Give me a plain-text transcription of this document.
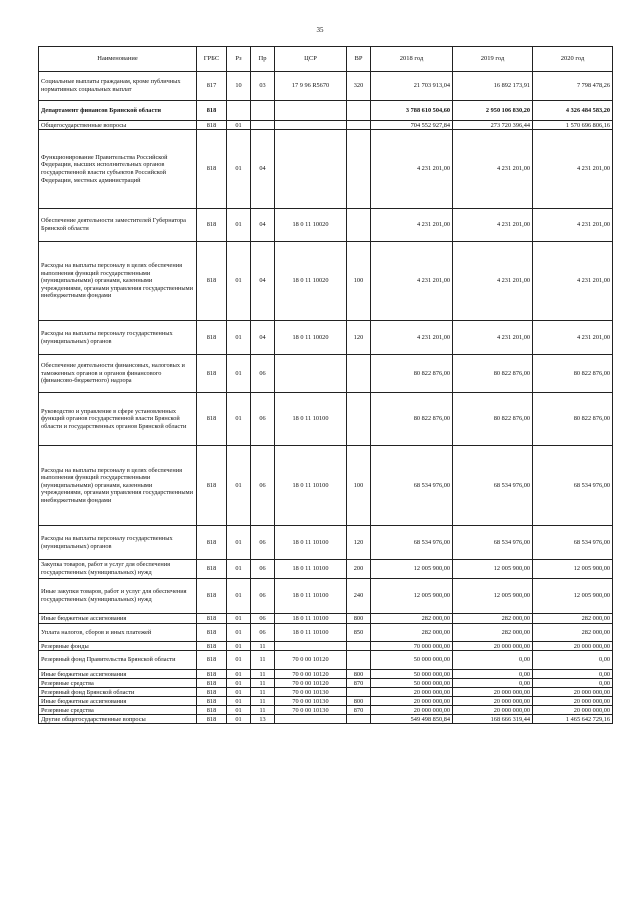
35
Наименование	ГРБС	Рз	Пр	ЦСР	ВР	2018 год	2019 год	2020 год
Социальные выплаты гражданам, кроме публичных нормативных социальных выплат	817	10	03	17 9 96 R5670	320	21 703 913,04	16 892 173,91	7 798 478,26
Департамент финансов Брянской области	818					3 788 610 504,60	2 950 106 830,20	4 326 484 583,20
Общегосударственные вопросы	818	01				704 552 927,84	273 720 396,44	1 570 696 806,16
Функционирование Правительства Российской Федерации, высших исполнительных органов государственной власти субъектов Российской Федерации, местных администраций	818	01	04			4 231 201,00	4 231 201,00	4 231 201,00
Обеспечение деятельности заместителей Губернатора Брянской области	818	01	04	18 0 11 10020		4 231 201,00	4 231 201,00	4 231 201,00
Расходы на выплаты персоналу в целях обеспечения выполнения функций государственными (муниципальными) органами, казенными учреждениями, органами управления государственными внебюджетными фондами	818	01	04	18 0 11 10020	100	4 231 201,00	4 231 201,00	4 231 201,00
Расходы на выплаты персоналу государственных (муниципальных) органов	818	01	04	18 0 11 10020	120	4 231 201,00	4 231 201,00	4 231 201,00
Обеспечение деятельности финансовых, налоговых и таможенных органов и органов финансового (финансово-бюджетного) надзора	818	01	06			80 822 876,00	80 822 876,00	80 822 876,00
Руководство и управление в сфере установленных функций органов государственной власти Брянской области и государственных органов Брянской области	818	01	06	18 0 11 10100		80 822 876,00	80 822 876,00	80 822 876,00
Расходы на выплаты персоналу в целях обеспечения выполнения функций государственными (муниципальными) органами, казенными учреждениями, органами управления государственными внебюджетными фондами	818	01	06	18 0 11 10100	100	68 534 976,00	68 534 976,00	68 534 976,00
Расходы на выплаты персоналу государственных (муниципальных) органов	818	01	06	18 0 11 10100	120	68 534 976,00	68 534 976,00	68 534 976,00
Закупка товаров, работ и услуг для обеспечения государственных (муниципальных) нужд	818	01	06	18 0 11 10100	200	12 005 900,00	12 005 900,00	12 005 900,00
Иные закупки товаров, работ и услуг для обеспечения государственных (муниципальных) нужд	818	01	06	18 0 11 10100	240	12 005 900,00	12 005 900,00	12 005 900,00
Иные бюджетные ассигнования	818	01	06	18 0 11 10100	800	282 000,00	282 000,00	282 000,00
Уплата налогов, сборов и иных платежей	818	01	06	18 0 11 10100	850	282 000,00	282 000,00	282 000,00
Резервные фонды	818	01	11			70 000 000,00	20 000 000,00	20 000 000,00
Резервный фонд Правительства Брянской области	818	01	11	70 0 00 10120		50 000 000,00	0,00	0,00
Иные бюджетные ассигнования	818	01	11	70 0 00 10120	800	50 000 000,00	0,00	0,00
Резервные средства	818	01	11	70 0 00 10120	870	50 000 000,00	0,00	0,00
Резервный фонд Брянской области	818	01	11	70 0 00 10130		20 000 000,00	20 000 000,00	20 000 000,00
Иные бюджетные ассигнования	818	01	11	70 0 00 10130	800	20 000 000,00	20 000 000,00	20 000 000,00
Резервные средства	818	01	11	70 0 00 10130	870	20 000 000,00	20 000 000,00	20 000 000,00
Другие общегосударственные вопросы	818	01	13			549 498 850,84	168 666 319,44	1 465 642 729,16
